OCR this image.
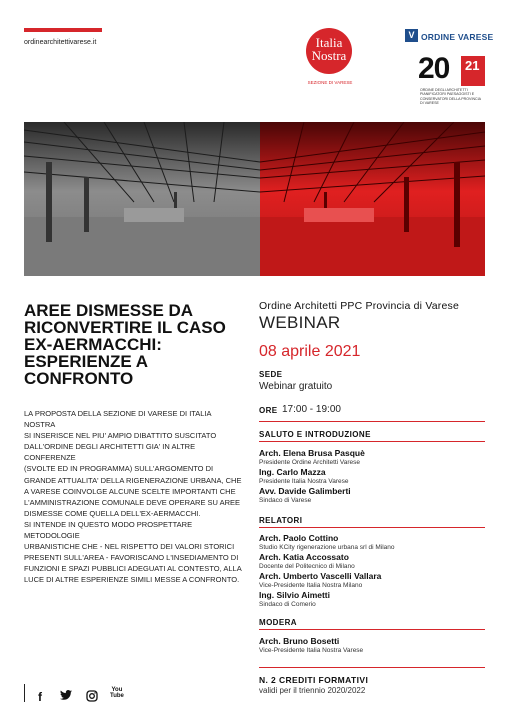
ordinearchitettivarese.it	Italia
Nostra
SEZIONE DI VARESE
V ORDINE VARESE
20 21
ORDINE DEGLI ARCHITETTI PIANIFICATORI PAESAGGISTI E CONSERVATORI DELLA PROVINCIA DI VARESE
AREE DISMESSE DA RICONVERTIRE IL CASO EX-AERMACCHI: ESPERIENZE A CONFRONTO
LA PROPOSTA DELLA SEZIONE DI VARESE DI ITALIA NOSTRA
SI INSERISCE NEL PIU' AMPIO DIBATTITO SUSCITATO
DALL'ORDINE DEGLI ARCHITETTI GIA' IN ALTRE CONFERENZE
(SVOLTE ED IN PROGRAMMA) SULL'ARGOMENTO DI
GRANDE ATTUALITA' DELLA RIGENERAZIONE URBANA, CHE
A VARESE COINVOLGE ALCUNE SCELTE IMPORTANTI CHE
L'AMMINISTRAZIONE COMUNALE DEVE OPERARE SU AREE
DISMESSE COME QUELLA DELL'EX-AERMACCHI.
SI INTENDE IN QUESTO MODO PROSPETTARE METODOLOGIE
URBANISTICHE CHE - NEL RISPETTO DEI VALORI STORICI
PRESENTI SULL'AREA - FAVORISCANO L'INSEDIAMENTO DI
FUNZIONI E SPAZI PUBBLICI ADEGUATI AL CONTESTO, ALLA
LUCE DI ALTRE ESPERIENZE SIMILI MESSE A CONFRONTO.
f	You
Tube
Ordine Architetti PPC Provincia di Varese
WEBINAR
08 aprile 2021
SEDE
Webinar gratuito
ORE 17:00 - 19:00
SALUTO E INTRODUZIONE
Arch. Elena Brusa Pasquè
Presidente Ordine Architetti Varese
Ing. Carlo Mazza
Presidente Italia Nostra Varese
Avv. Davide Galimberti
Sindaco di Varese
RELATORI
Arch. Paolo Cottino
Studio KCity rigenerazione urbana srl di Milano
Arch. Katia Accossato
Docente del Politecnico di Milano
Arch. Umberto Vascelli Vallara
Vice-Presidente Italia Nostra Milano
Ing. Silvio Aimetti
Sindaco di Comerio
MODERA
Arch. Bruno Bosetti
Vice-Presidente Italia Nostra Varese
N. 2 CREDITI FORMATIVI
validi per il triennio 2020/2022
